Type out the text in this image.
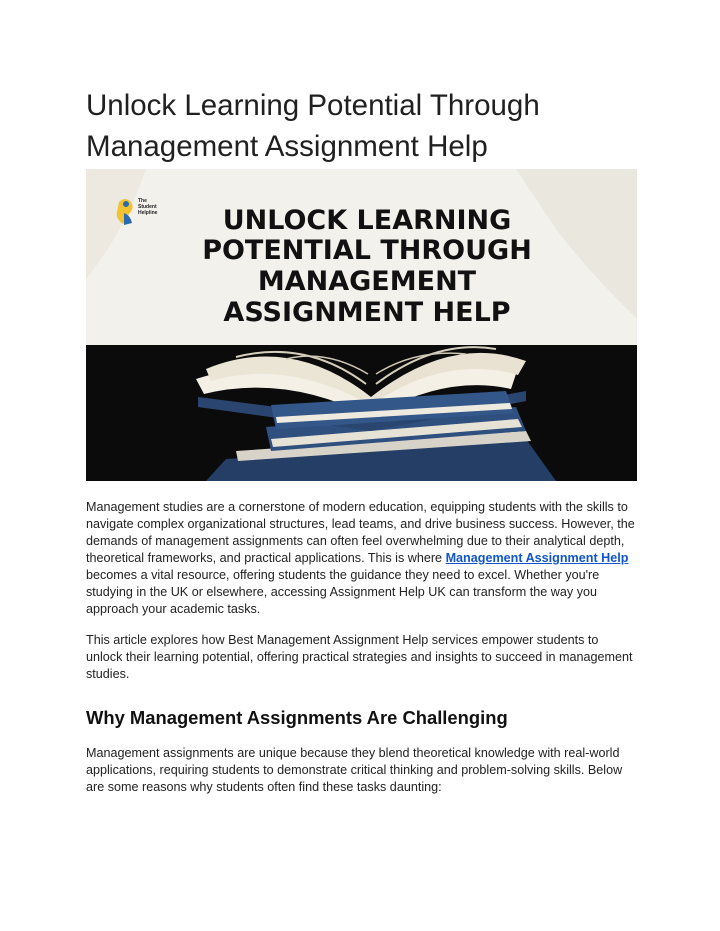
Unlock Learning Potential Through
Management Assignment Help
The
Student
Helpline UNLOCK LEARNING
POTENTIAL THROUGH
MANAGEMENT
ASSIGNMENT HELP

Management studies are a cornerstone of modern education, equipping students with the skills to navigate complex organizational structures, lead teams, and drive business success. However, the demands of management assignments can often feel overwhelming due to their analytical depth, theoretical frameworks, and practical applications. This is where Management Assignment Help becomes a vital resource, offering students the guidance they need to excel. Whether you're studying in the UK or elsewhere, accessing Assignment Help UK can transform the way you approach your academic tasks.

This article explores how Best Management Assignment Help services empower students to unlock their learning potential, offering practical strategies and insights to succeed in management studies.

Why Management Assignments Are Challenging

Management assignments are unique because they blend theoretical knowledge with real-world applications, requiring students to demonstrate critical thinking and problem-solving skills. Below are some reasons why students often find these tasks daunting:
